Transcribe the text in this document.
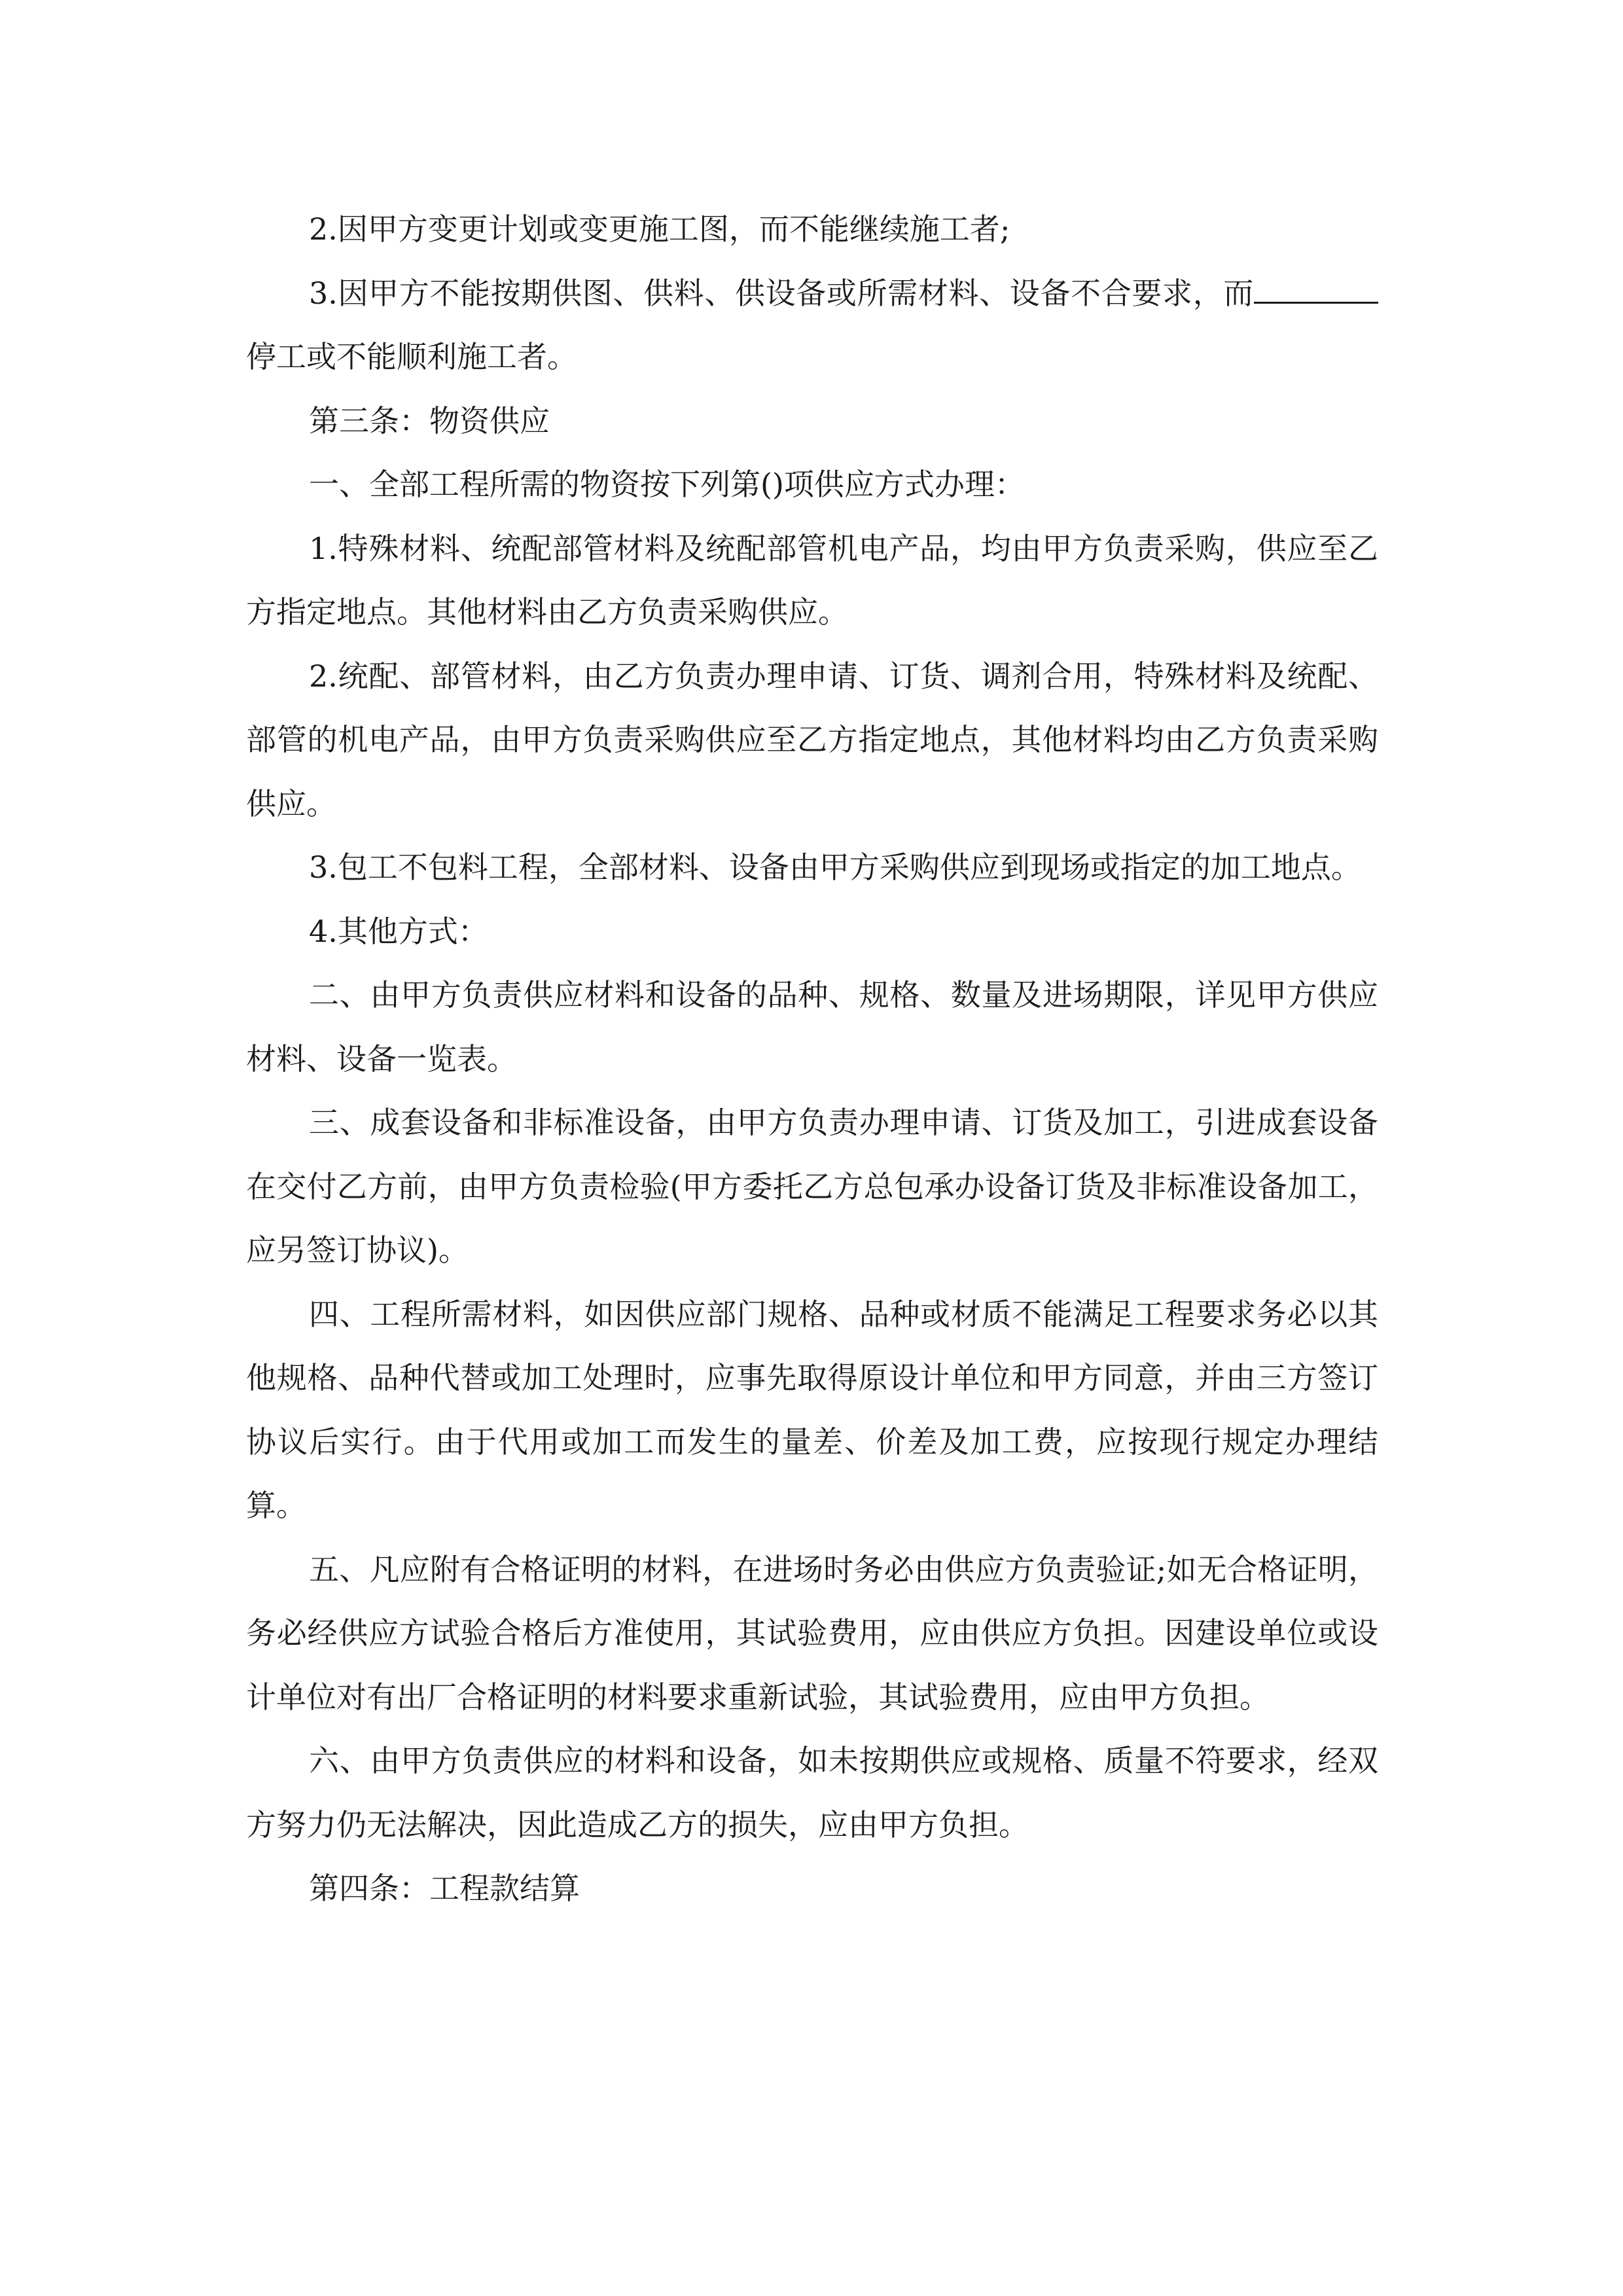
2.因甲方变更计划或变更施工图，而不能继续施工者;

3.因甲方不能按期供图、供料、供设备或所需材料、设备不合要求，而停工或不能顺利施工者。

第三条：物资供应

一、全部工程所需的物资按下列第()项供应方式办理：

1.特殊材料、统配部管材料及统配部管机电产品，均由甲方负责采购，供应至乙方指定地点。其他材料由乙方负责采购供应。

2.统配、部管材料，由乙方负责办理申请、订货、调剂合用，特殊材料及统配、部管的机电产品，由甲方负责采购供应至乙方指定地点，其他材料均由乙方负责采购供应。

3.包工不包料工程，全部材料、设备由甲方采购供应到现场或指定的加工地点。

4.其他方式：

二、由甲方负责供应材料和设备的品种、规格、数量及进场期限，详见甲方供应材料、设备一览表。

三、成套设备和非标准设备，由甲方负责办理申请、订货及加工，引进成套设备在交付乙方前，由甲方负责检验(甲方委托乙方总包承办设备订货及非标准设备加工，应另签订协议)。

四、工程所需材料，如因供应部门规格、品种或材质不能满足工程要求务必以其他规格、品种代替或加工处理时，应事先取得原设计单位和甲方同意，并由三方签订协议后实行。由于代用或加工而发生的量差、价差及加工费，应按现行规定办理结算。

五、凡应附有合格证明的材料，在进场时务必由供应方负责验证;如无合格证明，务必经供应方试验合格后方准使用，其试验费用，应由供应方负担。因建设单位或设计单位对有出厂合格证明的材料要求重新试验，其试验费用，应由甲方负担。

六、由甲方负责供应的材料和设备，如未按期供应或规格、质量不符要求，经双方努力仍无法解决，因此造成乙方的损失，应由甲方负担。

第四条：工程款结算
